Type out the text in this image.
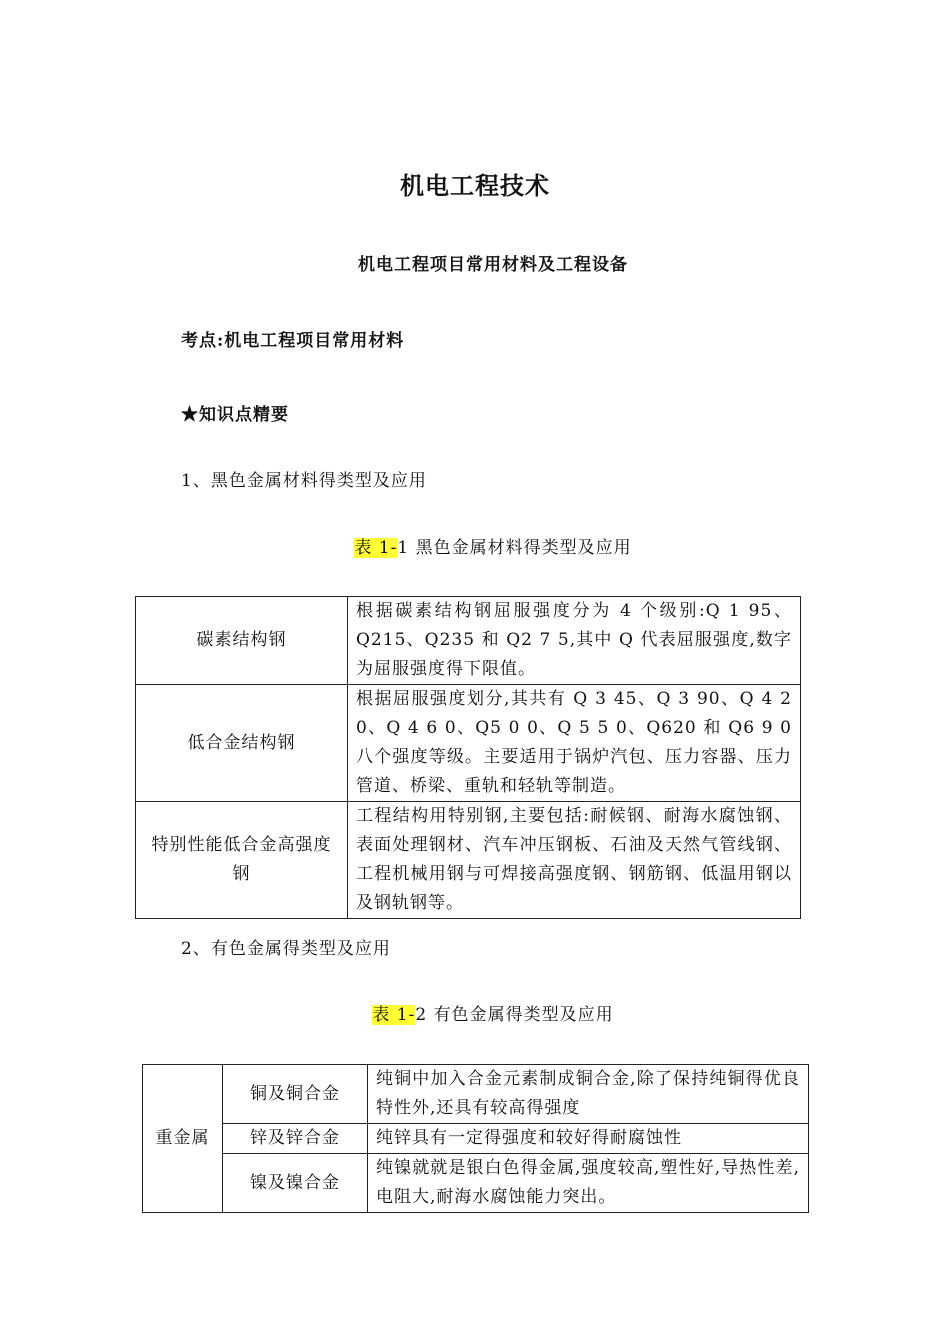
机电工程技术
机电工程项目常用材料及工程设备
考点:机电工程项目常用材料
★知识点精要
1、黑色金属材料得类型及应用
表 1-1 黑色金属材料得类型及应用
碳素结构钢	根据碳素结构钢屈服强度分为 4 个级别:Q 1 95、Q215、Q235 和 Q2 7 5,其中 Q 代表屈服强度,数字为屈服强度得下限值。
低合金结构钢	根据屈服强度划分,其共有 Q 3 45、Q 3 90、Q 4 2 0、Q 4 6 0、Q5 0 0、Q 5 5 0、Q620 和 Q6 9 0 八个强度等级。主要适用于锅炉汽包、压力容器、压力管道、桥梁、重轨和轻轨等制造。
特别性能低合金高强度钢	工程结构用特别钢,主要包括:耐候钢、耐海水腐蚀钢、表面处理钢材、汽车冲压钢板、石油及天然气管线钢、工程机械用钢与可焊接高强度钢、钢筋钢、低温用钢以及钢轨钢等。
2、有色金属得类型及应用
表 1-2 有色金属得类型及应用
重金属	铜及铜合金	纯铜中加入合金元素制成铜合金,除了保持纯铜得优良特性外,还具有较高得强度
	锌及锌合金	纯锌具有一定得强度和较好得耐腐蚀性
	镍及镍合金	纯镍就就是银白色得金属,强度较高,塑性好,导热性差,电阻大,耐海水腐蚀能力突出。
